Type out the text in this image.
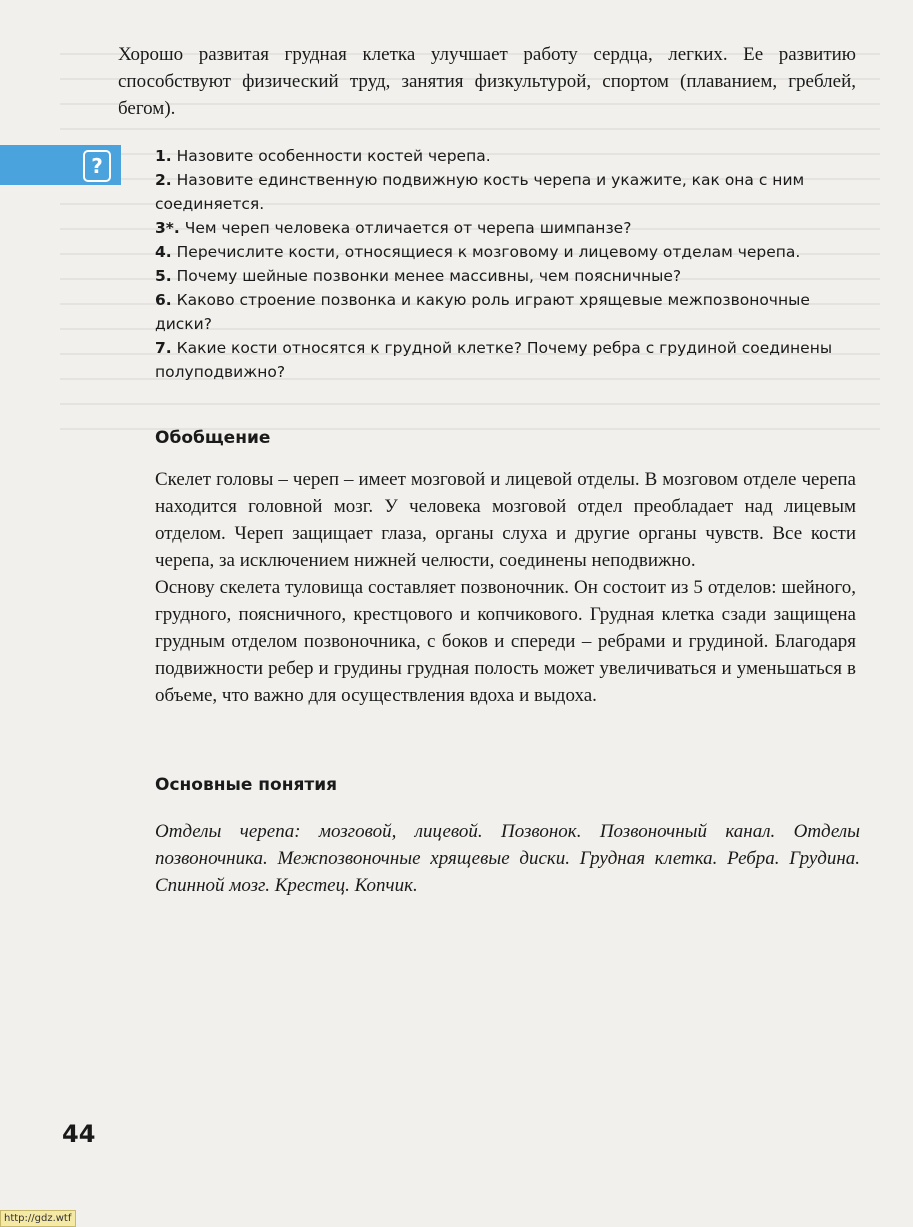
Хорошо развитая грудная клетка улучшает работу сердца, легких. Ее развитию способствуют физический труд, занятия физкультурой, спортом (плаванием, греблей, бегом).

?	1. Назовите особенности костей черепа.
2. Назовите единственную подвижную кость черепа и укажите, как она с ним соединяется.
3*. Чем череп человека отличается от черепа шимпанзе?
4. Перечислите кости, относящиеся к мозговому и лицевому отделам черепа.
5. Почему шейные позвонки менее массивны, чем поясничные?
6. Каково строение позвонка и какую роль играют хрящевые межпозвоночные диски?
7. Какие кости относятся к грудной клетке? Почему ребра с грудиной соединены полуподвижно?
Обобщение

Скелет головы – череп – имеет мозговой и лицевой отделы. В мозговом отделе черепа находится головной мозг. У человека мозговой отдел преобладает над лицевым отделом. Череп защищает глаза, органы слуха и другие органы чувств. Все кости черепа, за исключением нижней челюсти, соединены неподвижно.

Основу скелета туловища составляет позвоночник. Он состоит из 5 отделов: шейного, грудного, поясничного, крестцового и копчикового. Грудная клетка сзади защищена грудным отделом позвоночника, с боков и спереди – ребрами и грудиной. Благодаря подвижности ребер и грудины грудная полость может увеличиваться и уменьшаться в объеме, что важно для осуществления вдоха и выдоха.

Основные понятия

Отделы черепа: мозговой, лицевой. Позвонок. Позвоночный канал. Отделы позвоночника. Межпозвоночные хрящевые диски. Грудная клетка. Ребра. Грудина. Спинной мозг. Крестец. Копчик.

44
http://gdz.wtf
